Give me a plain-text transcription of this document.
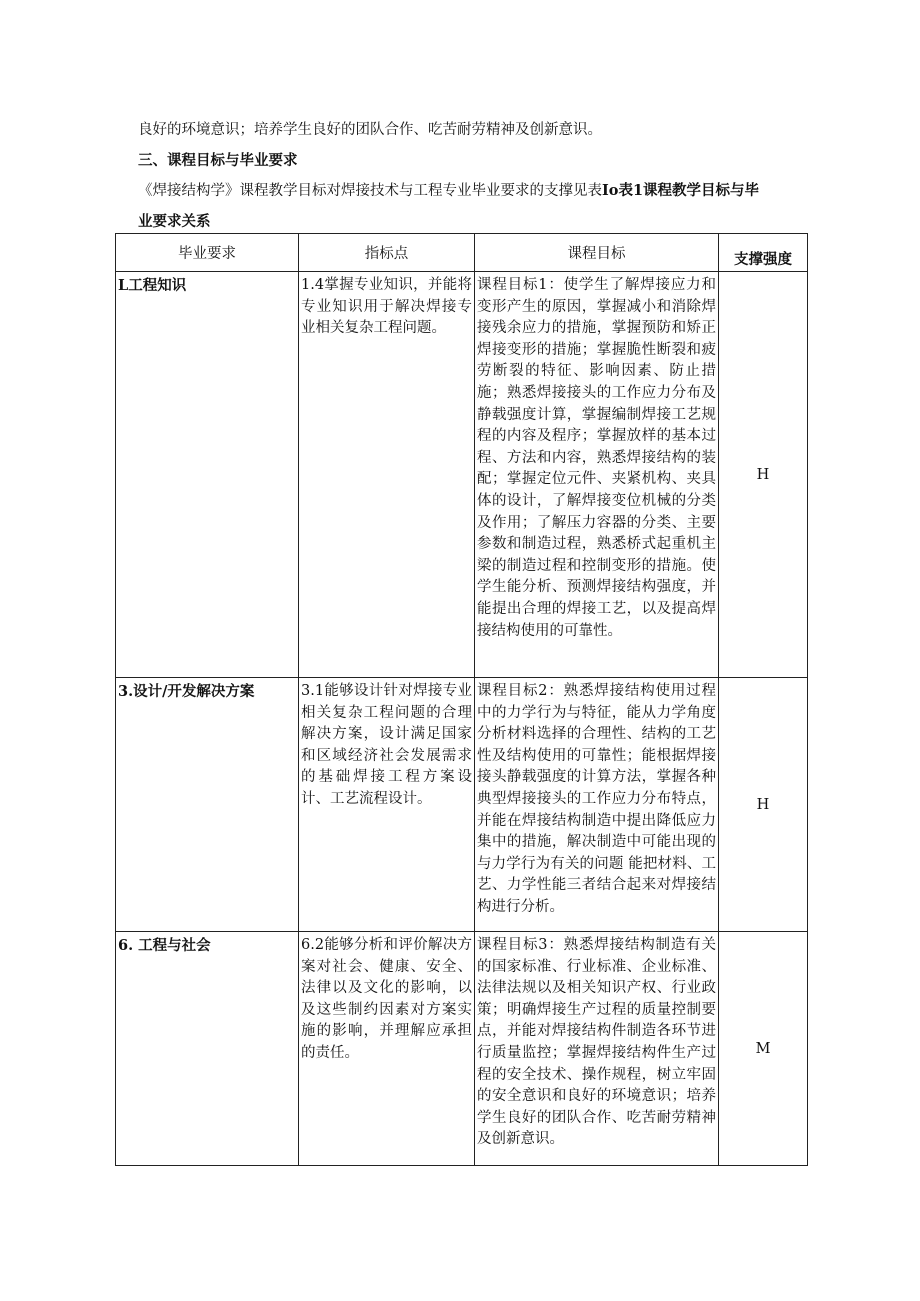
良好的环境意识；培养学生良好的团队合作、吃苦耐劳精神及创新意识。
三、课程目标与毕业要求
《焊接结构学》课程教学目标对焊接技术与工程专业毕业要求的支撑见表Io表1课程教学目标与毕
业要求关系
毕业要求	指标点	课程目标	支撑强度

L工程知识	1.4掌握专业知识，并能将专业知识用于解决焊接专业相关复杂工程问题。	课程目标1：使学生了解焊接应力和变形产生的原因，掌握减小和消除焊接残余应力的措施，掌握预防和矫正焊接变形的措施；掌握脆性断裂和疲劳断裂的特征、影响因素、防止措施；熟悉焊接接头的工作应力分布及静载强度计算，掌握编制焊接工艺规程的内容及程序；掌握放样的基本过程、方法和内容，熟悉焊接结构的装配；掌握定位元件、夹紧机构、夹具体的设计，了解焊接变位机械的分类及作用；了解压力容器的分类、主要参数和制造过程，熟悉桥式起重机主梁的制造过程和控制变形的措施。使学生能分析、预测焊接结构强度，并能提出合理的焊接工艺，以及提高焊接结构使用的可靠性。	H
3.设计/开发解决方案	3.1能够设计针对焊接专业相关复杂工程问题的合理解决方案，设计满足国家和区域经济社会发展需求的基础焊接工程方案设计、工艺流程设计。	课程目标2：熟悉焊接结构使用过程中的力学行为与特征，能从力学角度分析材料选择的合理性、结构的工艺性及结构使用的可靠性；能根据焊接接头静载强度的计算方法，掌握各种典型焊接接头的工作应力分布特点，并能在焊接结构制造中提出降低应力集中的措施，解决制造中可能出现的与力学行为有关的问题 能把材料、工艺、力学性能三者结合起来对焊接结构进行分析。	H
6. 工程与社会	6.2能够分析和评价解决方案对社会、健康、安全、法律以及文化的影响，以及这些制约因素对方案实施的影响，并理解应承担的责任。	课程目标3：熟悉焊接结构制造有关的国家标准、行业标准、企业标准、法律法规以及相关知识产权、行业政策；明确焊接生产过程的质量控制要点，并能对焊接结构件制造各环节进行质量监控；掌握焊接结构件生产过程的安全技术、操作规程，树立牢固的安全意识和良好的环境意识；培养学生良好的团队合作、吃苦耐劳精神及创新意识。	M
